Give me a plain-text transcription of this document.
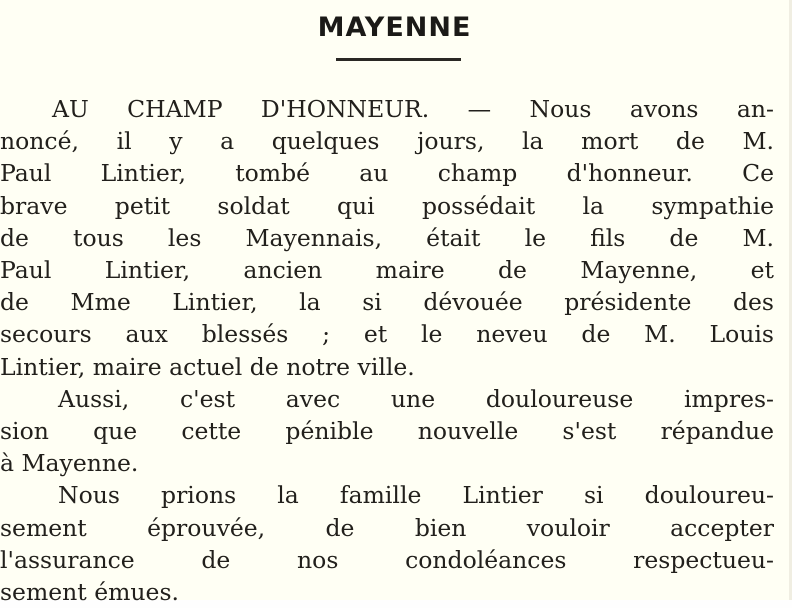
MAYENNE
AU CHAMP D'HONNEUR. — Nous avons an-
noncé, il y a quelques jours, la mort de M.
Paul Lintier, tombé au champ d'honneur. Ce
brave petit soldat qui possédait la sympathie
de tous les Mayennais, était le fils de M.
Paul Lintier, ancien maire de Mayenne, et
de Mme Lintier, la si dévouée présidente des
secours aux blessés ; et le neveu de M. Louis
Lintier, maire actuel de notre ville.
Aussi, c'est avec une douloureuse impres-
sion que cette pénible nouvelle s'est répandue
à Mayenne.
Nous prions la famille Lintier si douloureu-
sement éprouvée, de bien vouloir accepter
l'assurance de nos condoléances respectueu-
sement émues.
